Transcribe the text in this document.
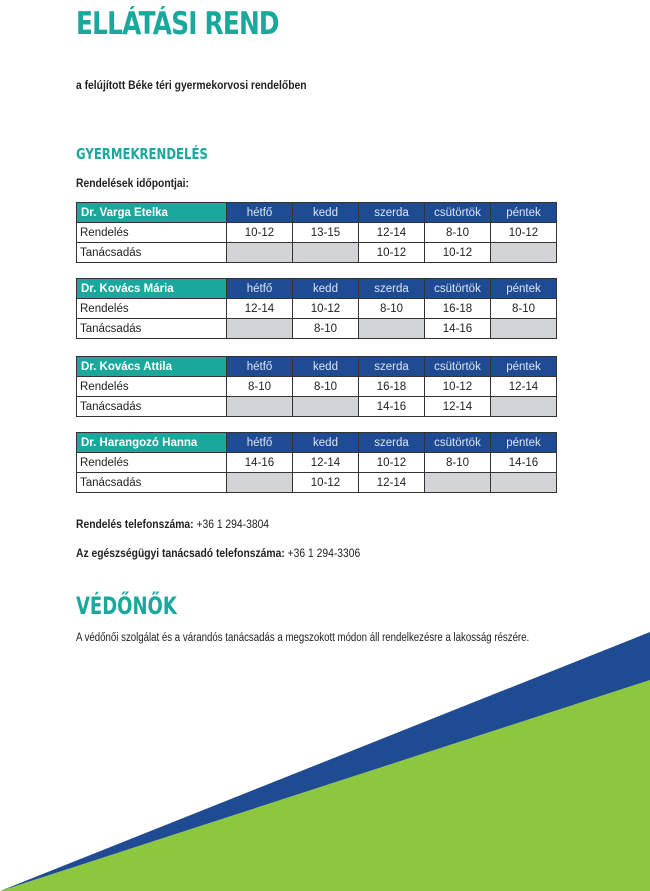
ELLÁTÁSI REND

a felújított Béke téri gyermekorvosi rendelőben

GYERMEKRENDELÉS

Rendelések időpontjai:

Dr. Varga Etelka	hétfő	kedd	szerda	csütörtök	péntek
Rendelés	10-12	13-15	12-14	8-10	10-12
Tanácsadás			10-12	10-12	
Dr. Kovács Mária	hétfő	kedd	szerda	csütörtök	péntek
Rendelés	12-14	10-12	8-10	16-18	8-10
Tanácsadás		8-10		14-16	
Dr. Kovács Attila	hétfő	kedd	szerda	csütörtök	péntek
Rendelés	8-10	8-10	16-18	10-12	12-14
Tanácsadás			14-16	12-14	
Dr. Harangozó Hanna	hétfő	kedd	szerda	csütörtök	péntek
Rendelés	14-16	12-14	10-12	8-10	14-16
Tanácsadás		10-12	12-14		

Rendelés telefonszáma: +36 1 294-3804

Az egészségügyi tanácsadó telefonszáma: +36 1 294-3306

VÉDŐNŐK

A védőnői szolgálat és a várandós tanácsadás a megszokott módon áll rendelkezésre a lakosság részére.
